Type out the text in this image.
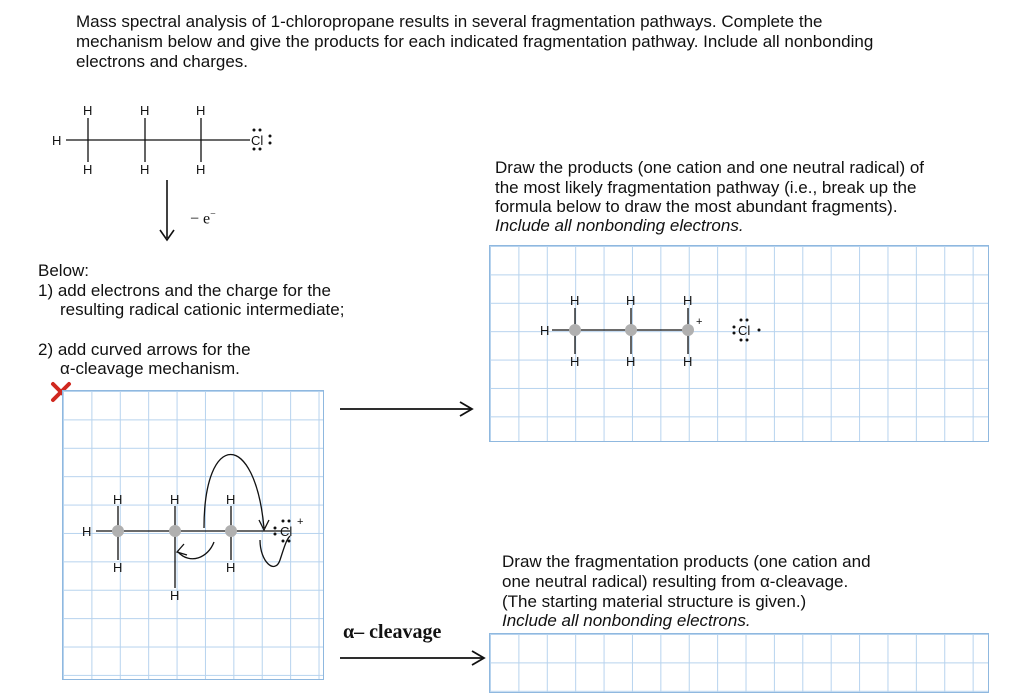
Mass spectral analysis of 1-chloropropane results in several fragmentation pathways. Complete the
mechanism below and give the products for each indicated fragmentation pathway. Include all nonbonding
electrons and charges.
H
H	H	H
H	H	H
Cl
− e−
Below:
1) add electrons and the charge for the
resulting radical cationic intermediate;
2) add curved arrows for the
α-cleavage mechanism.
H
H	H	H
H	H
H
Cl
+
Draw the products (one cation and one neutral radical) of
the most likely fragmentation pathway (i.e., break up the
formula below to draw the most abundant fragments).
Include all nonbonding electrons.
H
H	H	H
H	H	H
+
Cl
Draw the fragmentation products (one cation and
one neutral radical) resulting from α-cleavage.
(The starting material structure is given.)
Include all nonbonding electrons.
α– cleavage
